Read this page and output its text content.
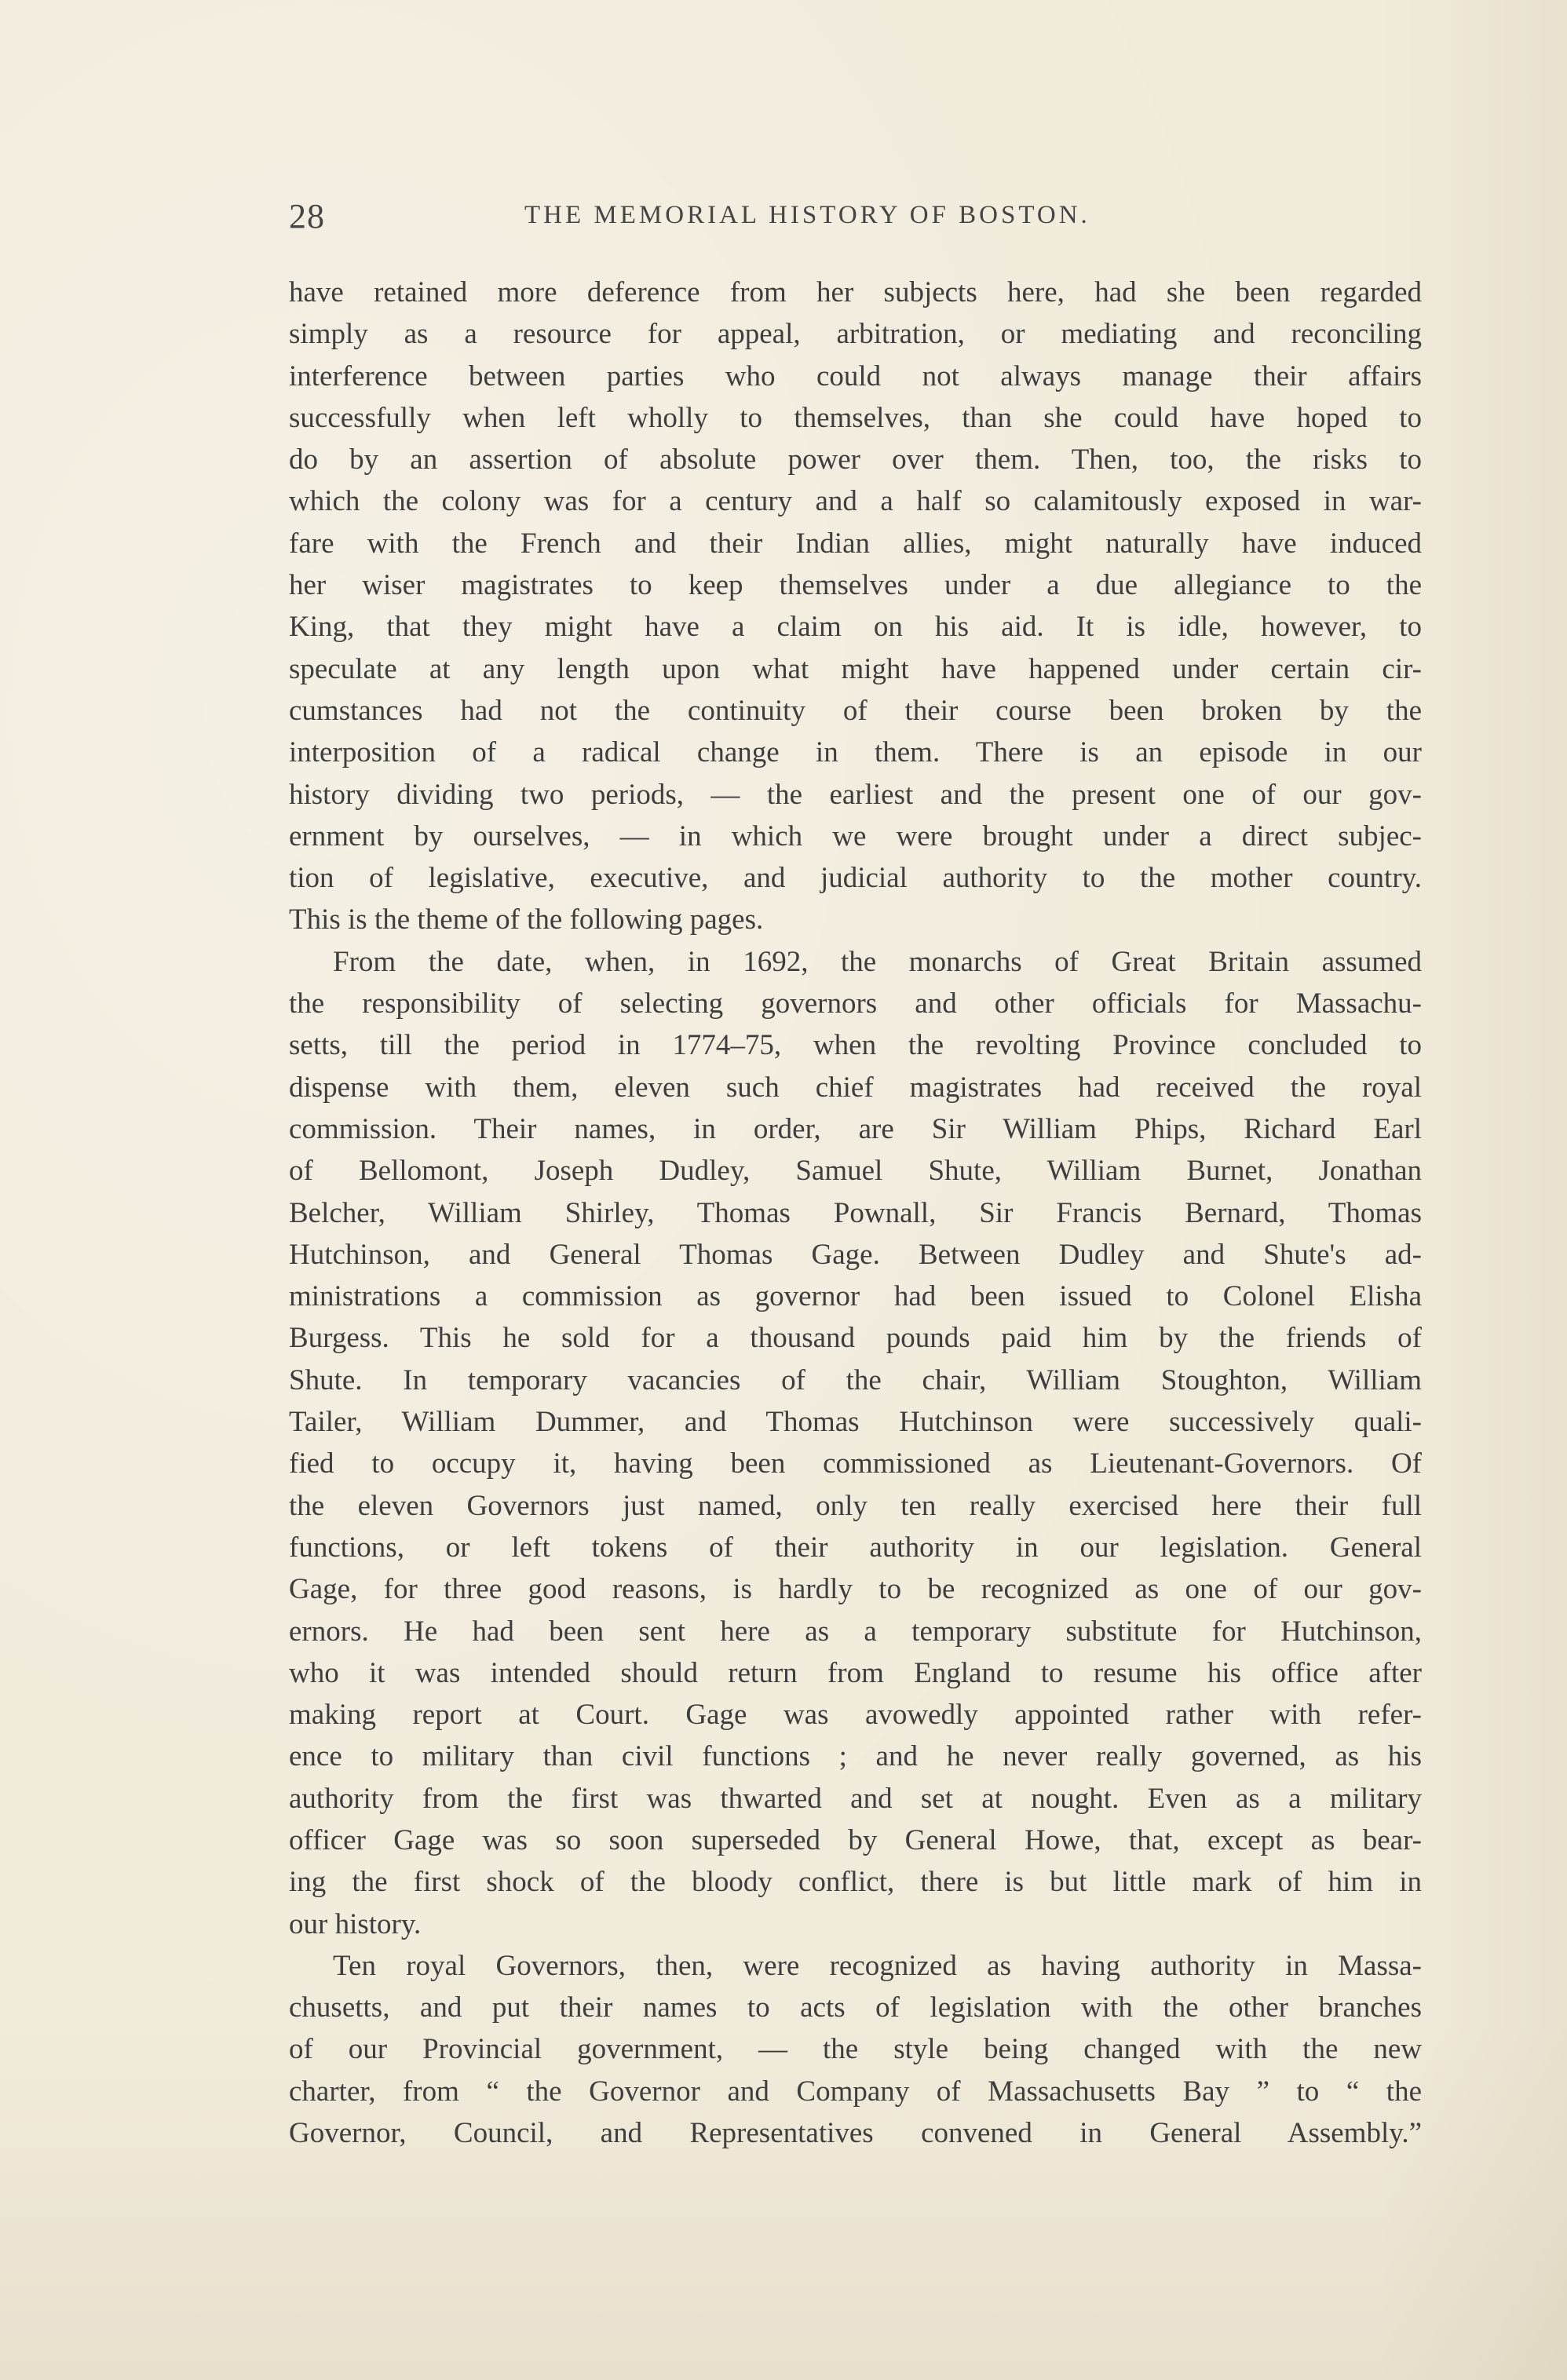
28	THE MEMORIAL HISTORY OF BOSTON.
have retained more deference from her subjects here, had she been regarded
simply as a resource for appeal, arbitration, or mediating and reconciling
interference between parties who could not always manage their affairs
successfully when left wholly to themselves, than she could have hoped to
do by an assertion of absolute power over them. Then, too, the risks to
which the colony was for a century and a half so calamitously exposed in war-
fare with the French and their Indian allies, might naturally have induced
her wiser magistrates to keep themselves under a due allegiance to the
King, that they might have a claim on his aid. It is idle, however, to
speculate at any length upon what might have happened under certain cir-
cumstances had not the continuity of their course been broken by the
interposition of a radical change in them. There is an episode in our
history dividing two periods, — the earliest and the present one of our gov-
ernment by ourselves, — in which we were brought under a direct subjec-
tion of legislative, executive, and judicial authority to the mother country.
This is the theme of the following pages.
From the date, when, in 1692, the monarchs of Great Britain assumed
the responsibility of selecting governors and other officials for Massachu-
setts, till the period in 1774–75, when the revolting Province concluded to
dispense with them, eleven such chief magistrates had received the royal
commission. Their names, in order, are Sir William Phips, Richard Earl
of Bellomont, Joseph Dudley, Samuel Shute, William Burnet, Jonathan
Belcher, William Shirley, Thomas Pownall, Sir Francis Bernard, Thomas
Hutchinson, and General Thomas Gage. Between Dudley and Shute's ad-
ministrations a commission as governor had been issued to Colonel Elisha
Burgess. This he sold for a thousand pounds paid him by the friends of
Shute. In temporary vacancies of the chair, William Stoughton, William
Tailer, William Dummer, and Thomas Hutchinson were successively quali-
fied to occupy it, having been commissioned as Lieutenant-Governors. Of
the eleven Governors just named, only ten really exercised here their full
functions, or left tokens of their authority in our legislation. General
Gage, for three good reasons, is hardly to be recognized as one of our gov-
ernors. He had been sent here as a temporary substitute for Hutchinson,
who it was intended should return from England to resume his office after
making report at Court. Gage was avowedly appointed rather with refer-
ence to military than civil functions ; and he never really governed, as his
authority from the first was thwarted and set at nought. Even as a military
officer Gage was so soon superseded by General Howe, that, except as bear-
ing the first shock of the bloody conflict, there is but little mark of him in
our history.
Ten royal Governors, then, were recognized as having authority in Massa-
chusetts, and put their names to acts of legislation with the other branches
of our Provincial government, — the style being changed with the new
charter, from “ the Governor and Company of Massachusetts Bay ” to “ the
Governor, Council, and Representatives convened in General Assembly.”
